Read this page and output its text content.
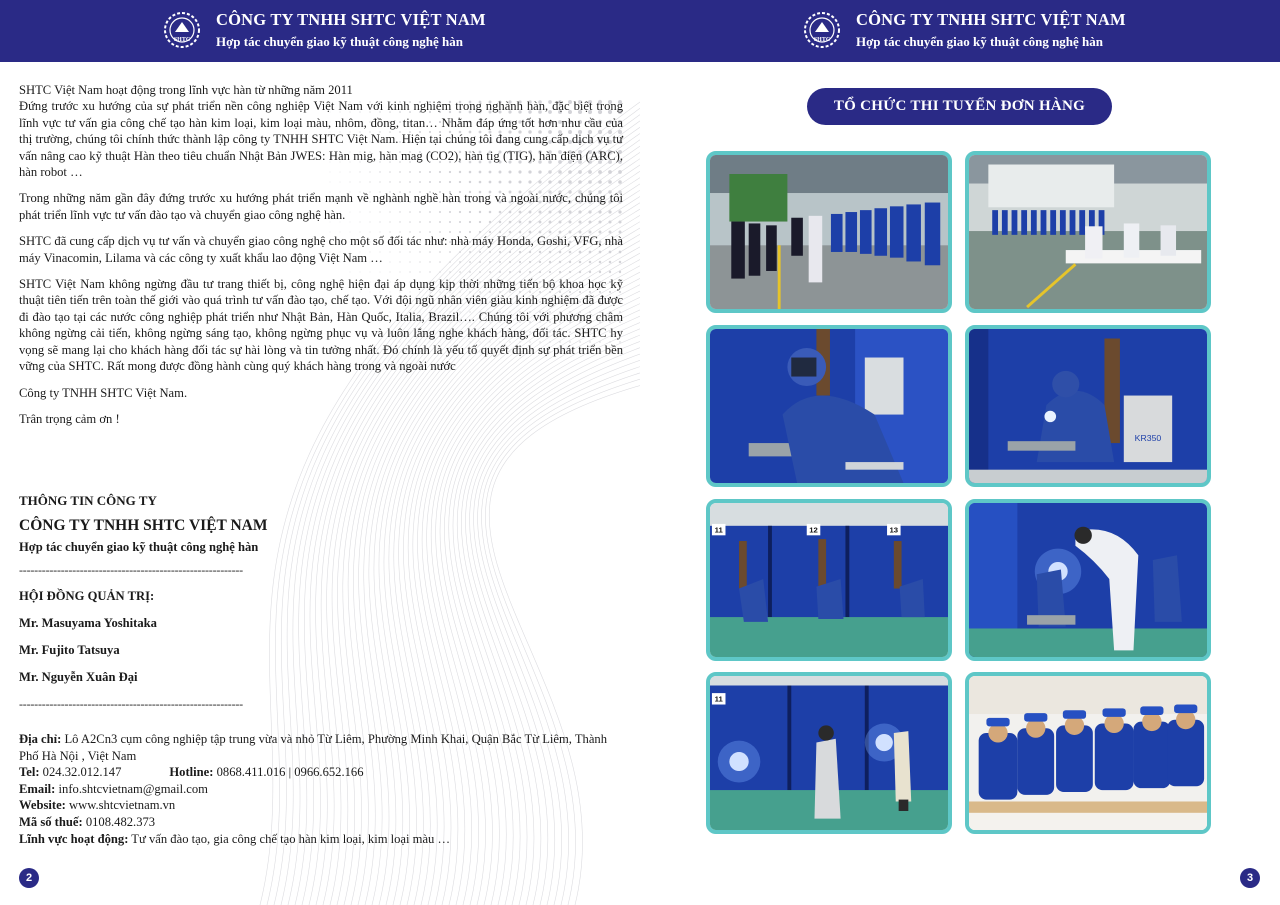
SHTC
CÔNG TY TNHH SHTC VIỆT NAM
Hợp tác chuyển giao kỹ thuật công nghệ hàn

SHTC Việt Nam hoạt động trong lĩnh vực hàn từ những năm 2011

Đứng trước xu hướng của sự phát triển nền công nghiệp Việt Nam với kinh nghiệm trong nghành hàn, đặc biệt trong lĩnh vực tư vấn gia công chế tạo hàn kim loại, kim loại màu, nhôm, đồng, titan… Nhằm đáp ứng tốt hơn nhu cầu của thị trường, chúng tôi chính thức thành lập công ty TNHH SHTC Việt Nam. Hiện tại chúng tôi đang cung cấp dịch vụ tư vấn nâng cao kỹ thuật Hàn theo tiêu chuẩn Nhật Bản JWES: Hàn mig, hàn mag (CO2), hàn tig (TIG), hàn điện (ARC), hàn robot …

Trong những năm gần đây đứng trước xu hướng phát triển mạnh về nghành nghề hàn trong và ngoài nước, chúng tôi phát triển lĩnh vực tư vấn đào tạo và chuyển giao công nghệ hàn.

SHTC đã cung cấp dịch vụ tư vấn và chuyển giao công nghệ cho một số đối tác như: nhà máy Honda, Goshi, VFG, nhà máy Vinacomin, Lilama và các công ty xuất khẩu lao động Việt Nam …

SHTC Việt Nam không ngừng đầu tư trang thiết bị, công nghệ hiện đại áp dụng kịp thời những tiến bộ khoa học kỹ thuật tiên tiến trên toàn thế giới vào quá trình tư vấn đào tạo, chế tạo. Với đội ngũ nhân viên giàu kinh nghiệm đã được đi đào tạo tại các nước công nghiệp phát triển như Nhật Bản, Hàn Quốc, Italia, Brazil…. Chúng tôi với phương châm không ngừng cải tiến, không ngừng sáng tạo, không ngừng phục vụ và luôn lắng nghe khách hàng, đối tác. SHTC hy vọng sẽ mang lại cho khách hàng đối tác sự hài lòng và tin tưởng nhất. Đó chính là yếu tố quyết định sự phát triển bền vững của SHTC. Rất mong được đồng hành cùng quý khách hàng trong và ngoài nước

Công ty TNHH SHTC Việt Nam.

Trân trọng cảm ơn !

THÔNG TIN CÔNG TY
CÔNG TY TNHH SHTC VIỆT NAM
Hợp tác chuyển giao kỹ thuật công nghệ hàn
-----------------------------------------------------------
HỘI ĐỒNG QUẢN TRỊ:
Mr. Masuyama Yoshitaka
Mr. Fujito Tatsuya
Mr. Nguyễn Xuân Đại
-----------------------------------------------------------
Địa chỉ: Lô A2Cn3 cụm công nghiệp tập trung vừa và nhỏ Từ Liêm, Phường Minh Khai, Quận Bắc Từ Liêm, Thành Phố Hà Nội , Việt Nam
Tel: 024.32.012.147	Hotline: 0868.411.016 | 0966.652.166
Email: info.shtcvietnam@gmail.com
Website: www.shtcvietnam.vn
Mã số thuế: 0108.482.373
Lĩnh vực hoạt động: Tư vấn đào tạo, gia công chế tạo hàn kim loại, kim loại màu …
2
SHTC
CÔNG TY TNHH SHTC VIỆT NAM
Hợp tác chuyển giao kỹ thuật công nghệ hàn
TỔ CHỨC THI TUYỂN ĐƠN HÀNG
KR350
11	12	13
11
3
